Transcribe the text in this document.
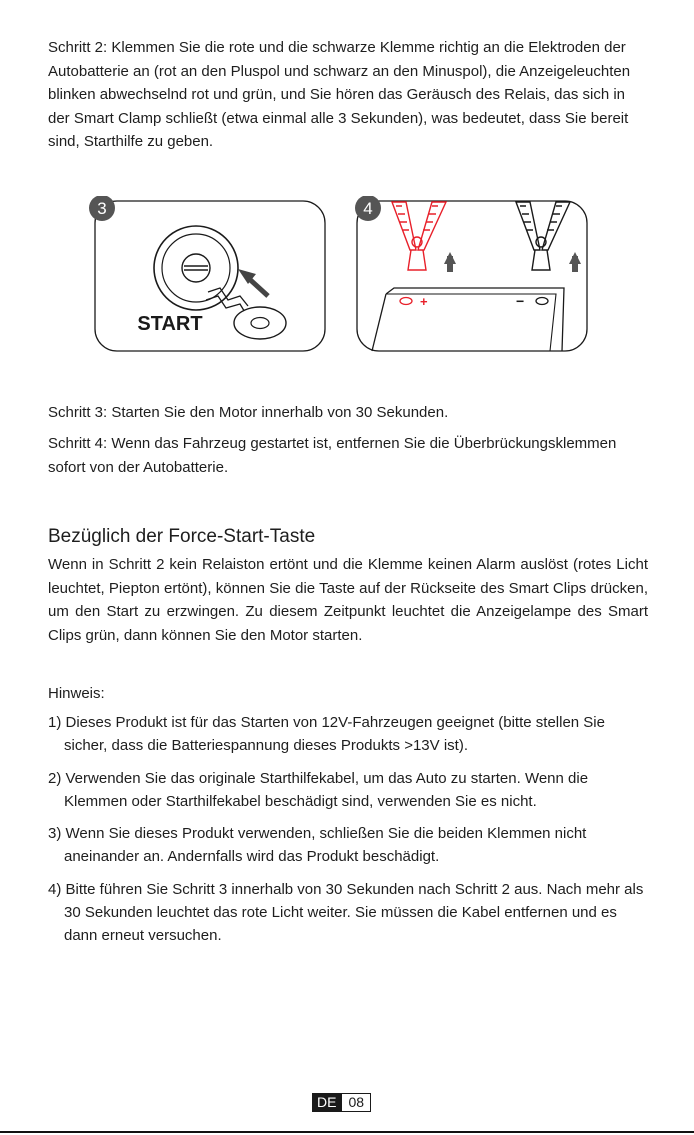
Schritt 2: Klemmen Sie die rote und die schwarze Klemme richtig an die Elektroden der Autobatterie an (rot an den Pluspol und schwarz an den Minuspol), die Anzeigeleuchten blinken abwechselnd rot und grün, und Sie hören das Geräusch des Relais, das sich in der Smart Clamp schließt (etwa einmal alle 3 Sekunden), was bedeutet, dass Sie bereit sind, Starthilfe zu geben.

3
START
4
+	−

Schritt 3: Starten Sie den Motor innerhalb von 30 Sekunden.

Schritt 4: Wenn das Fahrzeug gestartet ist, entfernen Sie die Überbrückungsklemmen sofort von der Autobatterie.

Bezüglich der Force-Start-Taste

Wenn in Schritt 2 kein Relaiston ertönt und die Klemme keinen Alarm auslöst (rotes Licht leuchtet, Piepton ertönt), können Sie die Taste auf der Rückseite des Smart Clips drücken, um den Start zu erzwingen. Zu diesem Zeitpunkt leuchtet die Anzeigelampe des Smart Clips grün, dann können Sie den Motor starten.

Hinweis:

1) Dieses Produkt ist für das Starten von 12V-Fahrzeugen geeignet (bitte stellen Sie sicher, dass die Batteriespannung dieses Produkts >13V ist).
2) Verwenden Sie das originale Starthilfekabel, um das Auto zu starten. Wenn die Klemmen oder Starthilfekabel beschädigt sind, verwenden Sie es nicht.
3) Wenn Sie dieses Produkt verwenden, schließen Sie die beiden Klemmen nicht aneinander an. Andernfalls wird das Produkt beschädigt.
4) Bitte führen Sie Schritt 3 innerhalb von 30 Sekunden nach Schritt 2 aus. Nach mehr als 30 Sekunden leuchtet das rote Licht weiter. Sie müssen die Kabel entfernen und es dann erneut versuchen.
DE 08
